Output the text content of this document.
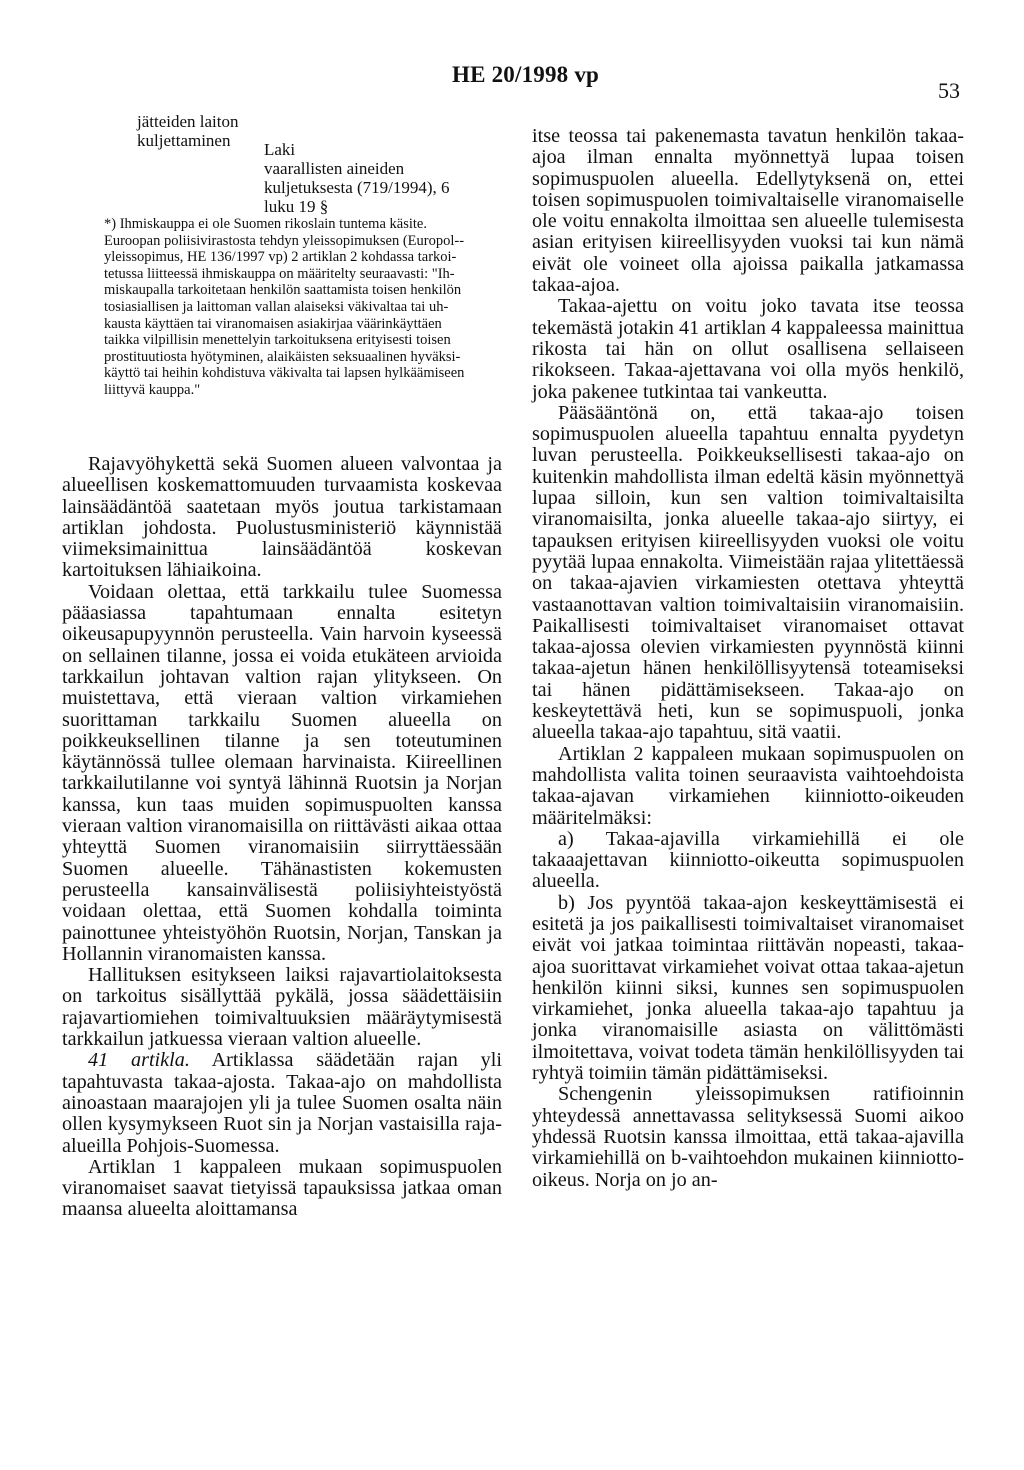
HE 20/1998 vp
53
jätteiden laiton
kuljettaminen	Laki
vaarallisten aineiden
kuljetuksesta (719/1994), 6
luku 19 §
*) Ihmiskauppa ei ole Suomen rikoslain tuntema käsite.
Euroopan poliisivirastosta tehdyn yleissopimuksen (Europol--
yleissopimus, HE 136/1997 vp) 2 artiklan 2 kohdassa tarkoi-
tetussa liitteessä ihmiskauppa on määritelty seuraavasti: "Ih-
miskaupalla tarkoitetaan henkilön saattamista toisen henkilön
tosiasiallisen ja laittoman vallan alaiseksi väkivaltaa tai uh-
kausta käyttäen tai viranomaisen asiakirjaa väärinkäyttäen
taikka vilpillisin menettelyin tarkoituksena erityisesti toisen
prostituutiosta hyötyminen, alaikäisten seksuaalinen hyväksi-
käyttö tai heihin kohdistuva väkivalta tai lapsen hylkäämiseen
liittyvä kauppa."

Rajavyöhykettä sekä Suomen alueen valvontaa ja alueellisen koskemattomuuden turvaamista koskevaa lainsäädäntöä saatetaan myös joutua tarkistamaan artiklan johdosta. Puolustusministeriö käynnistää viimeksimainittua lainsäädäntöä koskevan kartoituksen lähiaikoina.

Voidaan olettaa, että tarkkailu tulee Suomessa pääasiassa tapahtumaan ennalta esitetyn oikeusapupyynnön perusteella. Vain harvoin kyseessä on sellainen tilanne, jossa ei voida etukäteen arvioida tarkkailun johtavan valtion rajan ylitykseen. On muistettava, että vieraan valtion virkamiehen suorittaman tarkkailu Suomen alueella on poikkeuksellinen tilanne ja sen toteutuminen käytännössä tullee olemaan harvinaista. Kiireellinen tarkkailutilanne voi syntyä lähinnä Ruotsin ja Norjan kanssa, kun taas muiden sopimuspuolten kanssa vieraan valtion viranomaisilla on riittävästi aikaa ottaa yhteyttä Suomen viranomaisiin siirryttäessään Suomen alueelle. Tähänastisten kokemusten perusteella kansainvälisestä poliisiyhteistyöstä voidaan olettaa, että Suomen kohdalla toiminta painottunee yhteistyöhön Ruotsin, Norjan, Tanskan ja Hollannin viranomaisten kanssa.

Hallituksen esitykseen laiksi rajavartiolaitoksesta on tarkoitus sisällyttää pykälä, jossa säädettäisiin rajavartiomiehen toimivaltuuksien määräytymisestä tarkkailun jatkuessa vieraan valtion alueelle.

41 artikla. Artiklassa säädetään rajan yli tapahtuvasta takaa-ajosta. Takaa-ajo on mahdollista ainoastaan maarajojen yli ja tulee Suomen osalta näin ollen kysymykseen Ruot sin ja Norjan vastaisilla raja-alueilla Pohjois-Suomessa.

Artiklan 1 kappaleen mukaan sopimuspuolen viranomaiset saavat tietyissä tapauksissa jatkaa oman maansa alueelta aloittamansa

itse teossa tai pakenemasta tavatun henkilön takaa-ajoa ilman ennalta myönnettyä lupaa toisen sopimuspuolen alueella. Edellytyksenä on, ettei toisen sopimuspuolen toimivaltaiselle viranomaiselle ole voitu ennakolta ilmoittaa sen alueelle tulemisesta asian erityisen kiireellisyyden vuoksi tai kun nämä eivät ole voineet olla ajoissa paikalla jatkamassa takaa-ajoa.

Takaa-ajettu on voitu joko tavata itse teossa tekemästä jotakin 41 artiklan 4 kappaleessa mainittua rikosta tai hän on ollut osallisena sellaiseen rikokseen. Takaa-ajettavana voi olla myös henkilö, joka pakenee tutkintaa tai vankeutta.

Pääsääntönä on, että takaa-ajo toisen sopimuspuolen alueella tapahtuu ennalta pyydetyn luvan perusteella. Poikkeuksellisesti takaa-ajo on kuitenkin mahdollista ilman edeltä käsin myönnettyä lupaa silloin, kun sen valtion toimivaltaisilta viranomaisilta, jonka alueelle takaa-ajo siirtyy, ei tapauksen erityisen kiireellisyyden vuoksi ole voitu pyytää lupaa ennakolta. Viimeistään rajaa ylitettäessä on takaa-ajavien virkamiesten otettava yhteyttä vastaanottavan valtion toimivaltaisiin viranomaisiin. Paikallisesti toimivaltaiset viranomaiset ottavat takaa-ajossa olevien virkamiesten pyynnöstä kiinni takaa-ajetun hänen henkilöllisyytensä toteamiseksi tai hänen pidättämisekseen. Takaa-ajo on keskeytettävä heti, kun se sopimuspuoli, jonka alueella takaa-ajo tapahtuu, sitä vaatii.

Artiklan 2 kappaleen mukaan sopimuspuolen on mahdollista valita toinen seuraavista vaihtoehdoista takaa-ajavan virkamiehen kiinniotto-oikeuden määritelmäksi:

a) Takaa-ajavilla virkamiehillä ei ole takaaajettavan kiinniotto-oikeutta sopimuspuolen alueella.

b) Jos pyyntöä takaa-ajon keskeyttämisestä ei esitetä ja jos paikallisesti toimivaltaiset viranomaiset eivät voi jatkaa toimintaa riittävän nopeasti, takaa-ajoa suorittavat virkamiehet voivat ottaa takaa-ajetun henkilön kiinni siksi, kunnes sen sopimuspuolen virkamiehet, jonka alueella takaa-ajo tapahtuu ja jonka viranomaisille asiasta on välittömästi ilmoitettava, voivat todeta tämän henkilöllisyyden tai ryhtyä toimiin tämän pidättämiseksi.

Schengenin yleissopimuksen ratifioinnin yhteydessä annettavassa selityksessä Suomi aikoo yhdessä Ruotsin kanssa ilmoittaa, että takaa-ajavilla virkamiehillä on b-vaihtoehdon mukainen kiinniotto-oikeus. Norja on jo an-
